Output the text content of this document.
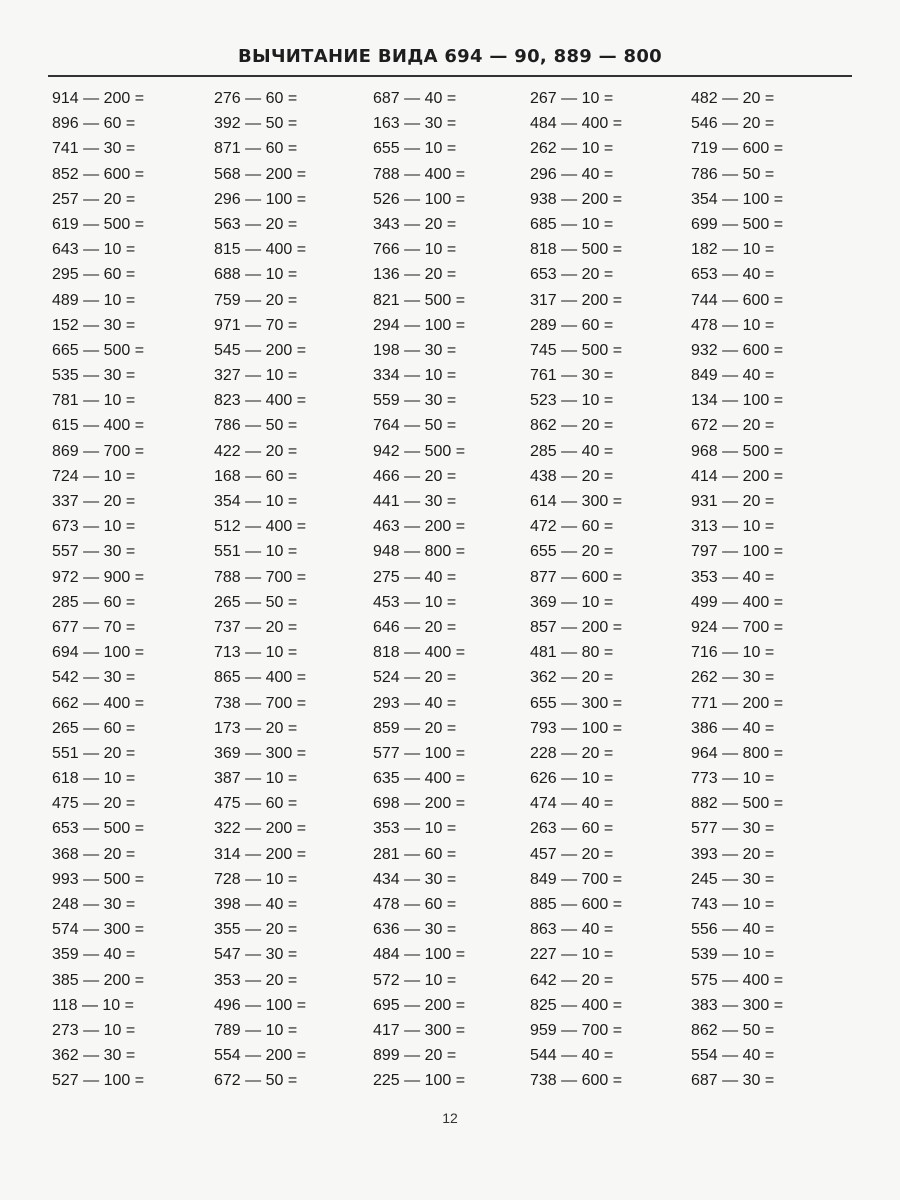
ВЫЧИТАНИЕ ВИДА 694 — 90, 889 — 800
914 — 200 =
896 — 60 =
741 — 30 =
852 — 600 =
257 — 20 =
619 — 500 =
643 — 10 =
295 — 60 =
489 — 10 =
152 — 30 =
665 — 500 =
535 — 30 =
781 — 10 =
615 — 400 =
869 — 700 =
724 — 10 =
337 — 20 =
673 — 10 =
557 — 30 =
972 — 900 =
285 — 60 =
677 — 70 =
694 — 100 =
542 — 30 =
662 — 400 =
265 — 60 =
551 — 20 =
618 — 10 =
475 — 20 =
653 — 500 =
368 — 20 =
993 — 500 =
248 — 30 =
574 — 300 =
359 — 40 =
385 — 200 =
118 — 10 =
273 — 10 =
362 — 30 =
527 — 100 =
276 — 60 =
392 — 50 =
871 — 60 =
568 — 200 =
296 — 100 =
563 — 20 =
815 — 400 =
688 — 10 =
759 — 20 =
971 — 70 =
545 — 200 =
327 — 10 =
823 — 400 =
786 — 50 =
422 — 20 =
168 — 60 =
354 — 10 =
512 — 400 =
551 — 10 =
788 — 700 =
265 — 50 =
737 — 20 =
713 — 10 =
865 — 400 =
738 — 700 =
173 — 20 =
369 — 300 =
387 — 10 =
475 — 60 =
322 — 200 =
314 — 200 =
728 — 10 =
398 — 40 =
355 — 20 =
547 — 30 =
353 — 20 =
496 — 100 =
789 — 10 =
554 — 200 =
672 — 50 =
687 — 40 =
163 — 30 =
655 — 10 =
788 — 400 =
526 — 100 =
343 — 20 =
766 — 10 =
136 — 20 =
821 — 500 =
294 — 100 =
198 — 30 =
334 — 10 =
559 — 30 =
764 — 50 =
942 — 500 =
466 — 20 =
441 — 30 =
463 — 200 =
948 — 800 =
275 — 40 =
453 — 10 =
646 — 20 =
818 — 400 =
524 — 20 =
293 — 40 =
859 — 20 =
577 — 100 =
635 — 400 =
698 — 200 =
353 — 10 =
281 — 60 =
434 — 30 =
478 — 60 =
636 — 30 =
484 — 100 =
572 — 10 =
695 — 200 =
417 — 300 =
899 — 20 =
225 — 100 =
267 — 10 =
484 — 400 =
262 — 10 =
296 — 40 =
938 — 200 =
685 — 10 =
818 — 500 =
653 — 20 =
317 — 200 =
289 — 60 =
745 — 500 =
761 — 30 =
523 — 10 =
862 — 20 =
285 — 40 =
438 — 20 =
614 — 300 =
472 — 60 =
655 — 20 =
877 — 600 =
369 — 10 =
857 — 200 =
481 — 80 =
362 — 20 =
655 — 300 =
793 — 100 =
228 — 20 =
626 — 10 =
474 — 40 =
263 — 60 =
457 — 20 =
849 — 700 =
885 — 600 =
863 — 40 =
227 — 10 =
642 — 20 =
825 — 400 =
959 — 700 =
544 — 40 =
738 — 600 =
482 — 20 =
546 — 20 =
719 — 600 =
786 — 50 =
354 — 100 =
699 — 500 =
182 — 10 =
653 — 40 =
744 — 600 =
478 — 10 =
932 — 600 =
849 — 40 =
134 — 100 =
672 — 20 =
968 — 500 =
414 — 200 =
931 — 20 =
313 — 10 =
797 — 100 =
353 — 40 =
499 — 400 =
924 — 700 =
716 — 10 =
262 — 30 =
771 — 200 =
386 — 40 =
964 — 800 =
773 — 10 =
882 — 500 =
577 — 30 =
393 — 20 =
245 — 30 =
743 — 10 =
556 — 40 =
539 — 10 =
575 — 400 =
383 — 300 =
862 — 50 =
554 — 40 =
687 — 30 =
12
